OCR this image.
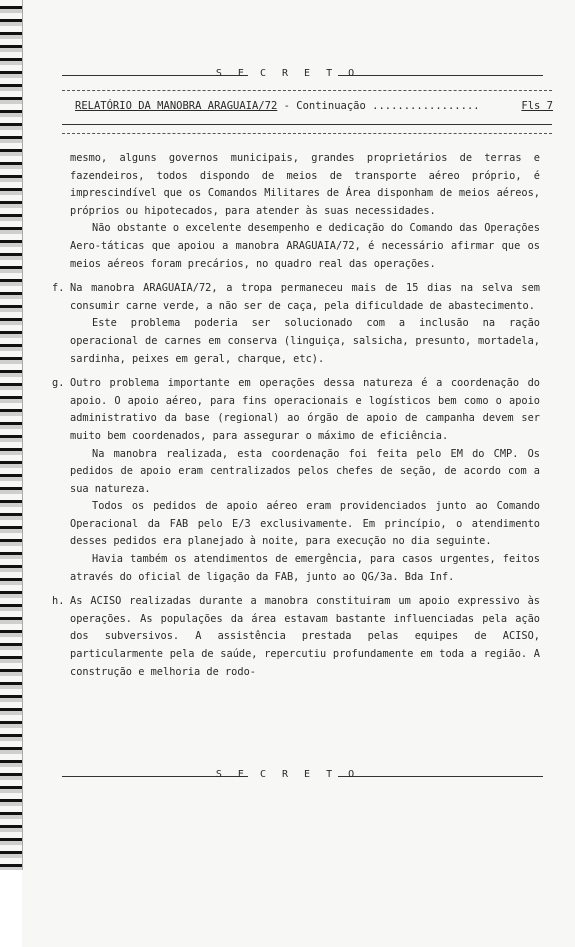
S E C R E T O
RELATÓRIO DA MANOBRA ARAGUAIA/72 - Continuação .................	Fls 7

mesmo, alguns governos municipais, grandes proprietários de terras e fazendeiros, todos dispondo de meios de transporte aéreo próprio, é imprescindível que os Comandos Militares de Área disponham de meios aéreos, próprios ou hipotecados, para atender às suas necessidades.

Não obstante o excelente desempenho e dedicação do Comando das Operações Aero-táticas que apoiou a manobra ARAGUAIA/72, é necessário afirmar que os meios aéreos foram precários, no quadro real das operações.

f. Na manobra ARAGUAIA/72, a tropa permaneceu mais de 15 dias na selva sem consumir carne verde, a não ser de caça, pela dificuldade de abastecimento.

Este problema poderia ser solucionado com a inclusão na ração operacional de carnes em conserva (linguiça, salsicha, presunto, mortadela, sardinha, peixes em geral, charque, etc).

g. Outro problema importante em operações dessa natureza é a coordenação do apoio. O apoio aéreo, para fins operacionais e logísticos bem como o apoio administrativo da base (regional) ao órgão de apoio de campanha devem ser muito bem coordenados, para assegurar o máximo de eficiência.

Na manobra realizada, esta coordenação foi feita pelo EM do CMP. Os pedidos de apoio eram centralizados pelos chefes de seção, de acordo com a sua natureza.

Todos os pedidos de apoio aéreo eram providenciados junto ao Comando Operacional da FAB pelo E/3 exclusivamente. Em princípio, o atendimento desses pedidos era planejado à noite, para execução no dia seguinte.

Havia também os atendimentos de emergência, para casos urgentes, feitos através do oficial de ligação da FAB, junto ao QG/3a. Bda Inf.

h. As ACISO realizadas durante a manobra constituiram um apoio expressivo às operações. As populações da área estavam bastante influenciadas pela ação dos subversivos. A assistência prestada pelas equipes de ACISO, particularmente pela de saúde, repercutiu profundamente em toda a região. A construção e melhoria de rodo-

S E C R E T O
